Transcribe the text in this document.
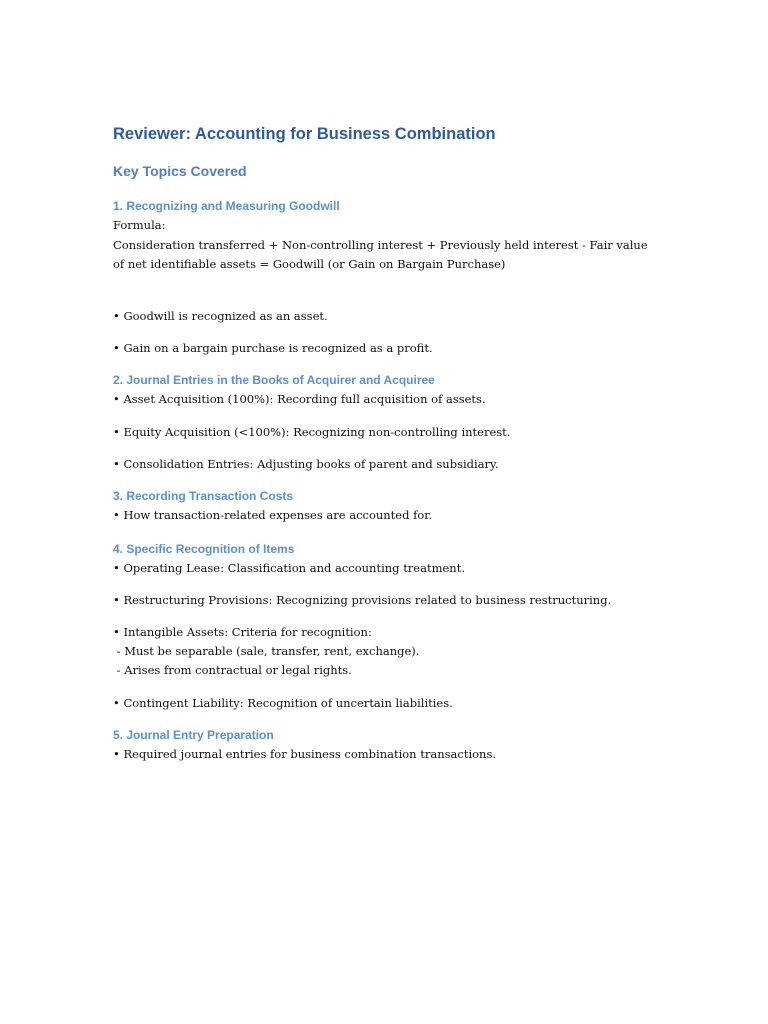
Reviewer: Accounting for Business Combination
Key Topics Covered
1. Recognizing and Measuring Goodwill
Formula:
Consideration transferred + Non-controlling interest + Previously held interest - Fair value
of net identifiable assets = Goodwill (or Gain on Bargain Purchase)
• Goodwill is recognized as an asset.
• Gain on a bargain purchase is recognized as a profit.
2. Journal Entries in the Books of Acquirer and Acquiree
• Asset Acquisition (100%): Recording full acquisition of assets.
• Equity Acquisition (<100%): Recognizing non-controlling interest.
• Consolidation Entries: Adjusting books of parent and subsidiary.
3. Recording Transaction Costs
• How transaction-related expenses are accounted for.
4. Specific Recognition of Items
• Operating Lease: Classification and accounting treatment.
• Restructuring Provisions: Recognizing provisions related to business restructuring.
• Intangible Assets: Criteria for recognition:
- Must be separable (sale, transfer, rent, exchange).
- Arises from contractual or legal rights.
• Contingent Liability: Recognition of uncertain liabilities.
5. Journal Entry Preparation
• Required journal entries for business combination transactions.
